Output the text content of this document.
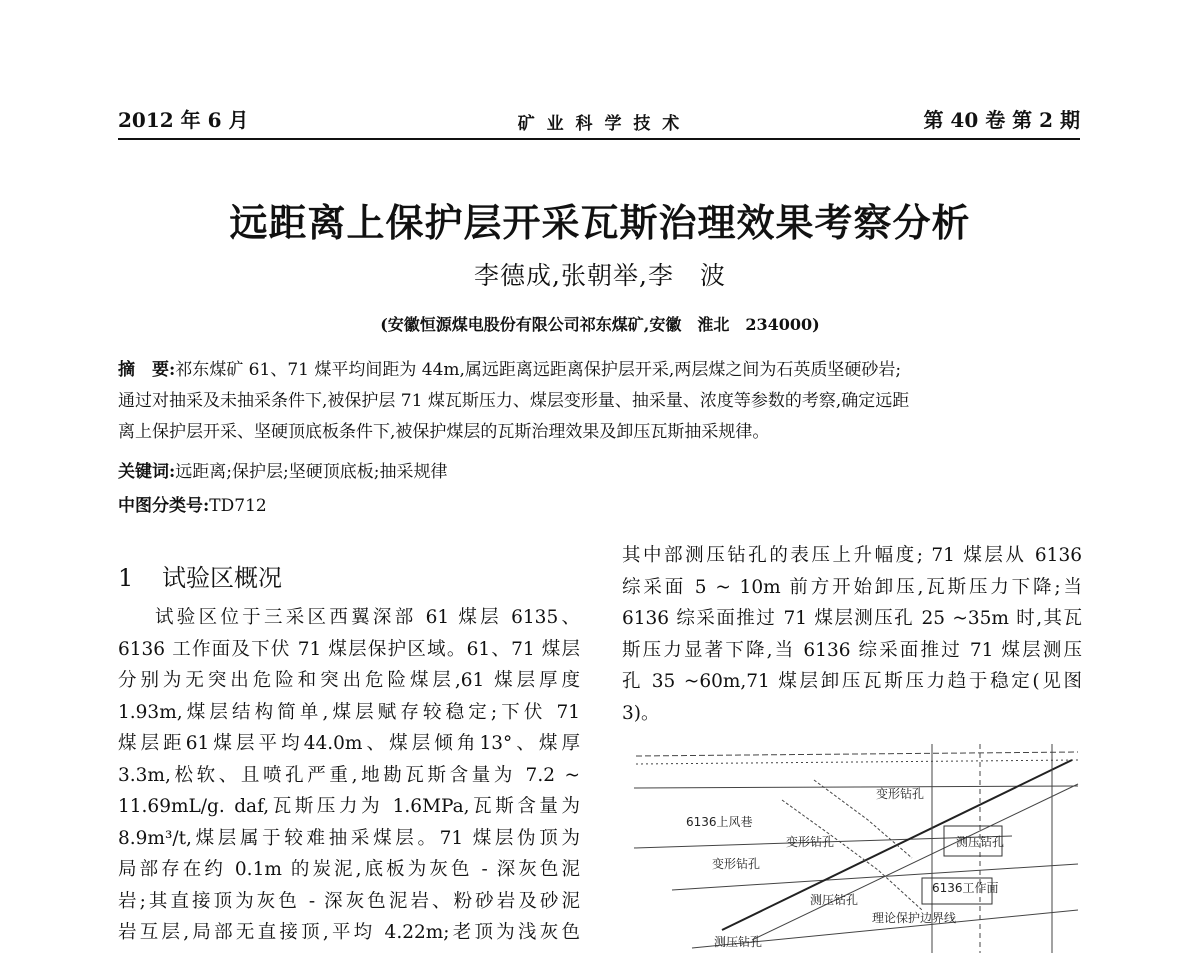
2012 年 6 月	矿 业 科 学 技 术	第 40 卷 第 2 期
远距离上保护层开采瓦斯治理效果考察分析
李德成,张朝举,李　波
(安徽恒源煤电股份有限公司祁东煤矿,安徽　淮北　234000)
摘　要:祁东煤矿 61、71 煤平均间距为 44m,属远距离远距离保护层开采,两层煤之间为石英质坚硬砂岩;
通过对抽采及未抽采条件下,被保护层 71 煤瓦斯压力、煤层变形量、抽采量、浓度等参数的考察,确定远距
离上保护层开采、坚硬顶底板条件下,被保护煤层的瓦斯治理效果及卸压瓦斯抽采规律。
关键词:远距离;保护层;坚硬顶底板;抽采规律
中图分类号:TD712
1 试验区概况
试验区位于三采区西翼深部 61 煤层 6135、
6136 工作面及下伏 71 煤层保护区域。61、71 煤层
分别为无突出危险和突出危险煤层,61 煤层厚度
1.93m,煤层结构简单,煤层赋存较稳定;下伏 71
煤层距61煤层平均44.0m、煤层倾角13°、煤厚
3.3m,松软、且喷孔严重,地勘瓦斯含量为 7.2 ~
11.69mL/g. daf,瓦斯压力为 1.6MPa,瓦斯含量为
8.9m³/t,煤层属于较难抽采煤层。71 煤层伪顶为
局部存在约 0.1m 的炭泥,底板为灰色 - 深灰色泥
岩;其直接顶为灰色 - 深灰色泥岩、粉砂岩及砂泥
岩互层,局部无直接顶,平均 4.22m;老顶为浅灰色
其中部测压钻孔的表压上升幅度; 71 煤层从 6136
综采面 5 ~ 10m 前方开始卸压,瓦斯压力下降;当
6136 综采面推过 71 煤层测压孔 25 ~35m 时,其瓦
斯压力显著下降,当 6136 综采面推过 71 煤层测压
孔 35 ~60m,71 煤层卸压瓦斯压力趋于稳定(见图
3)。
6136上风巷
变形钻孔
变形钻孔
变形钻孔
测压钻孔
测压钻孔
测压钻孔
6136工作面
理论保护边界线
